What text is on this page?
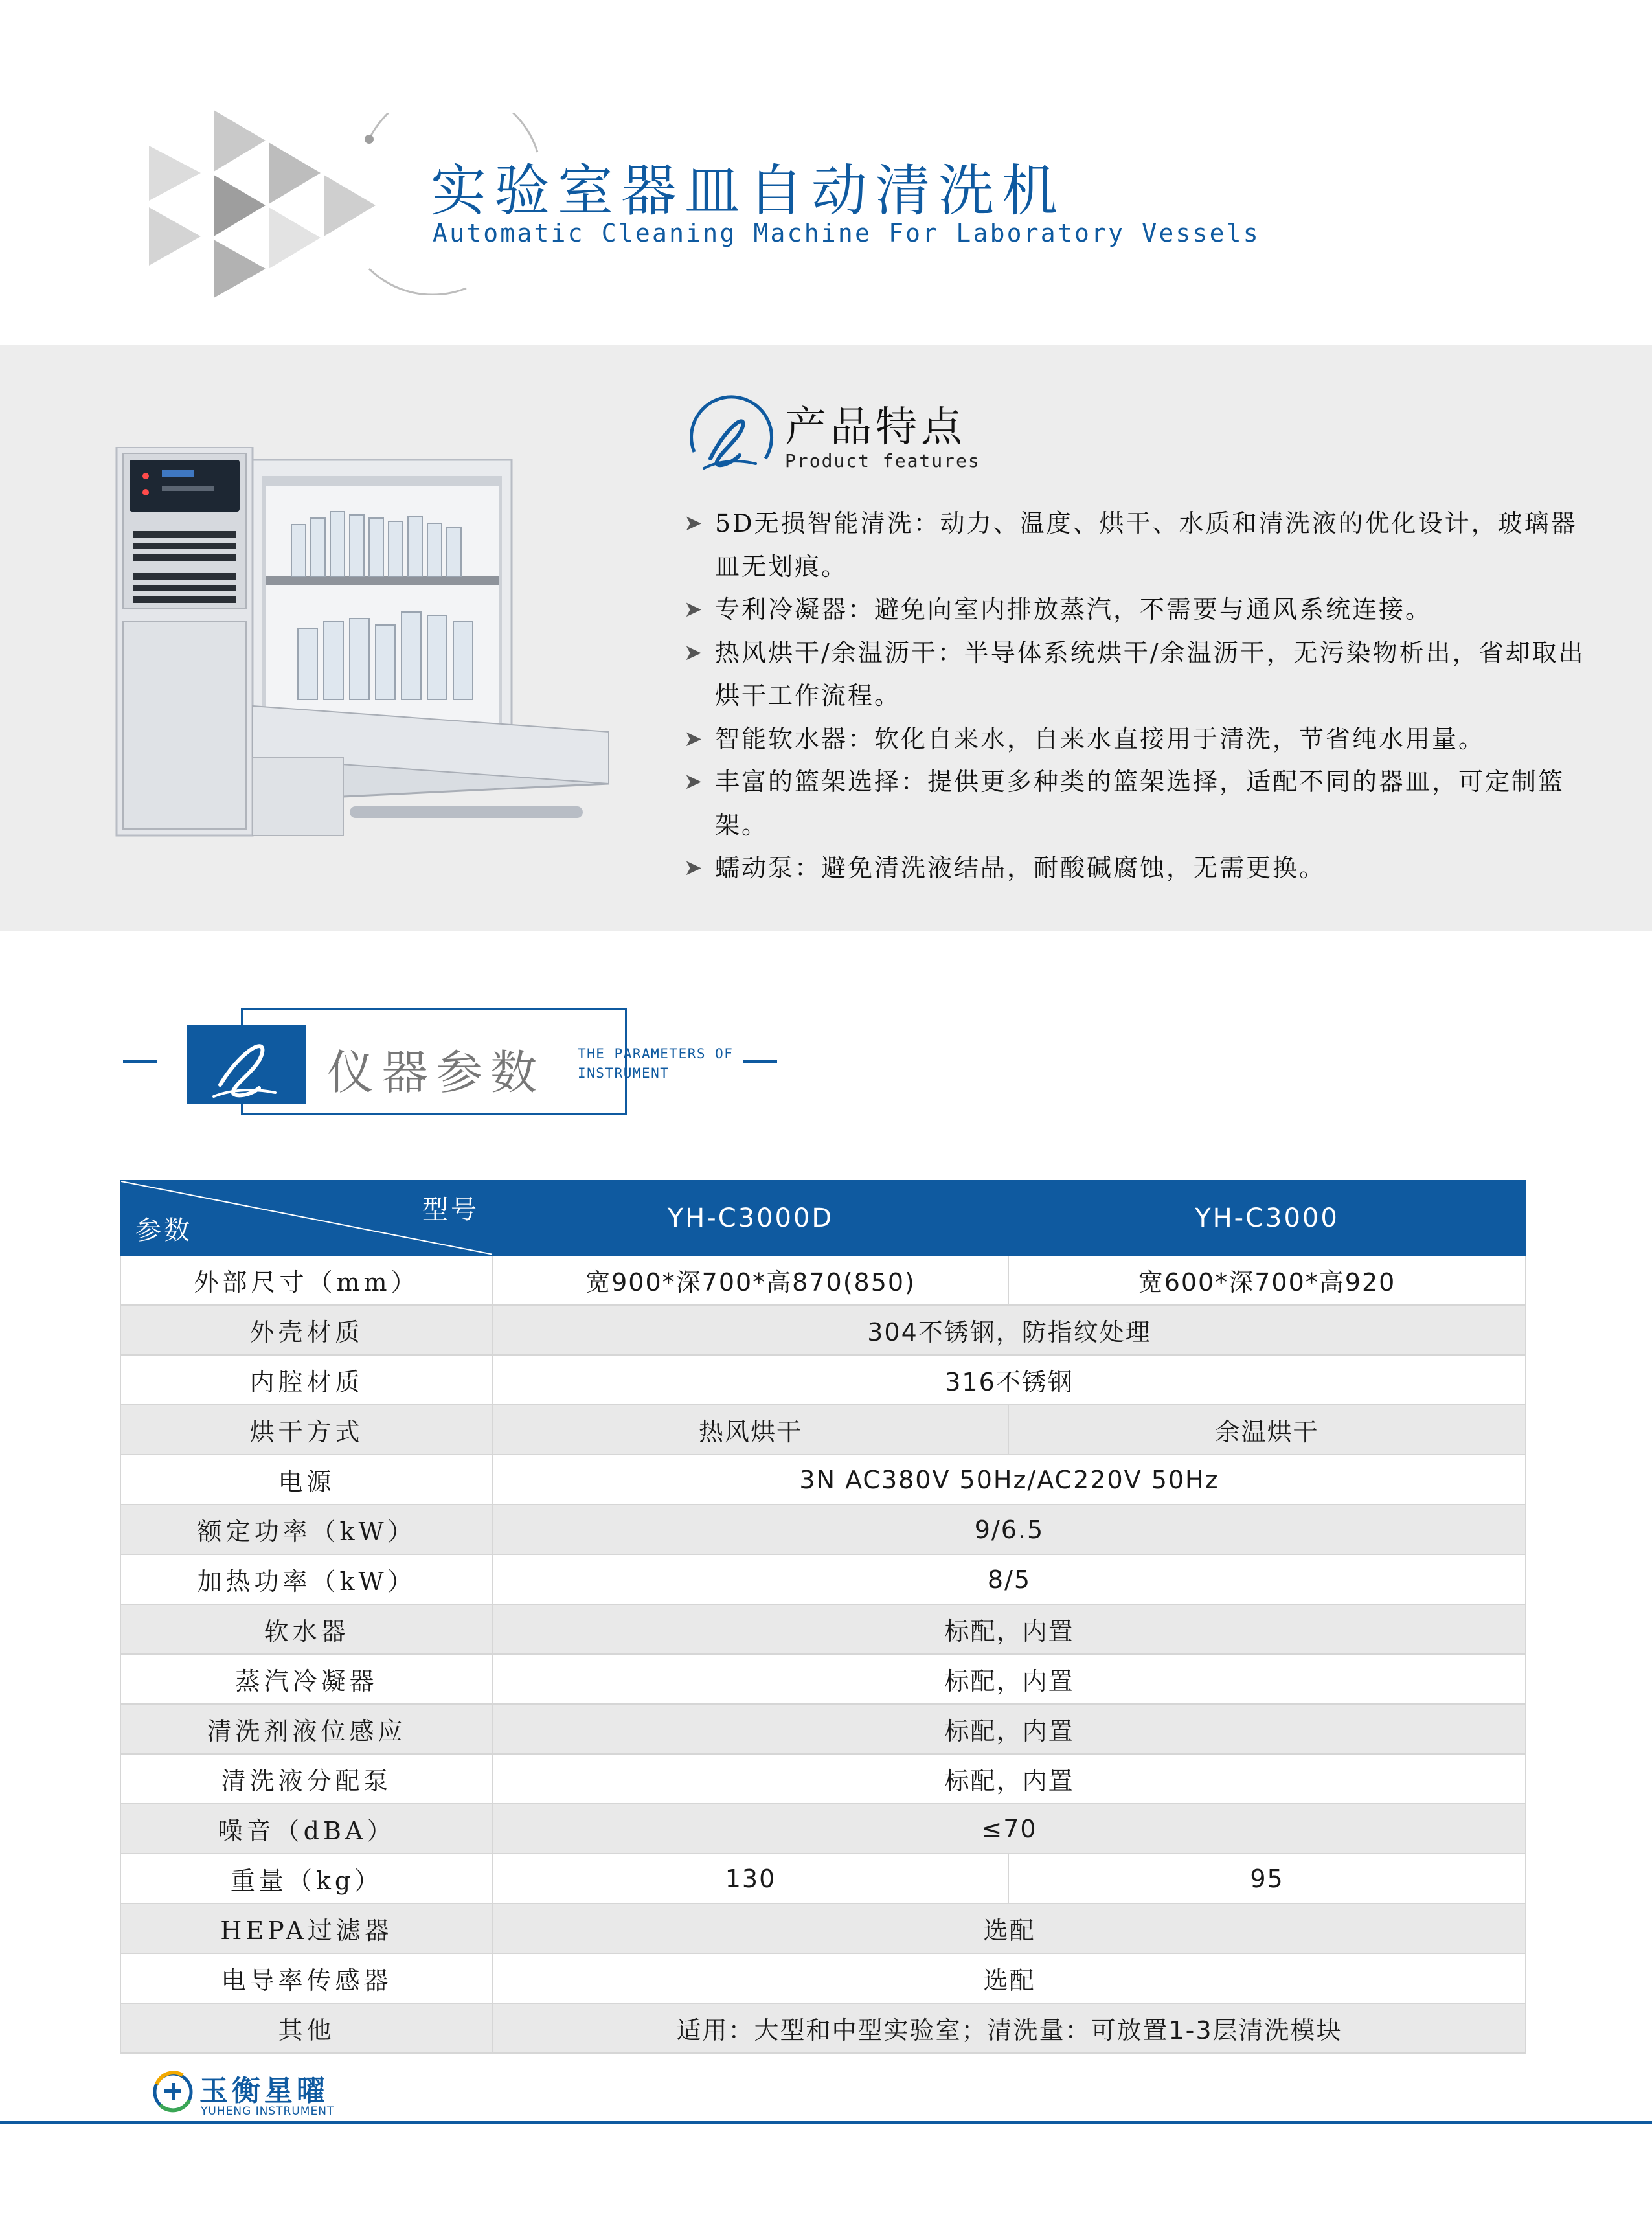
实验室器皿自动清洗机
Automatic Cleaning Machine For Laboratory Vessels
产品特点
Product features
➤ 5D无损智能清洗：动力、温度、烘干、水质和清洗液的优化设计，玻璃器皿无划痕。
➤ 专利冷凝器：避免向室内排放蒸汽，不需要与通风系统连接。
➤ 热风烘干/余温沥干：半导体系统烘干/余温沥干，无污染物析出，省却取出烘干工作流程。
➤ 智能软水器：软化自来水，自来水直接用于清洗，节省纯水用量。
➤ 丰富的篮架选择：提供更多种类的篮架选择，适配不同的器皿，可定制篮架。
➤ 蠕动泵：避免清洗液结晶，耐酸碱腐蚀，无需更换。
仪器参数 THE PARAMETERS OF
INSTRUMENT
型号
参数	YH-C3000D	YH-C3000
外部尺寸（mm）	宽900*深700*高870(850)	宽600*深700*高920
外壳材质	304不锈钢，防指纹处理	
内腔材质	316不锈钢	
烘干方式	热风烘干	余温烘干
电源	3N AC380V 50Hz/AC220V 50Hz	
额定功率（kW）	9/6.5	
加热功率（kW）	8/5	
软水器	标配，内置	
蒸汽冷凝器	标配，内置	
清洗剂液位感应	标配，内置	
清洗液分配泵	标配，内置	
噪音（dBA）	≤70	
重量（kg）	130	95
HEPA过滤器	选配	
电导率传感器	选配	
其他	适用：大型和中型实验室；清洗量：可放置1-3层清洗模块	
玉衡星曜
YUHENG INSTRUMENT
